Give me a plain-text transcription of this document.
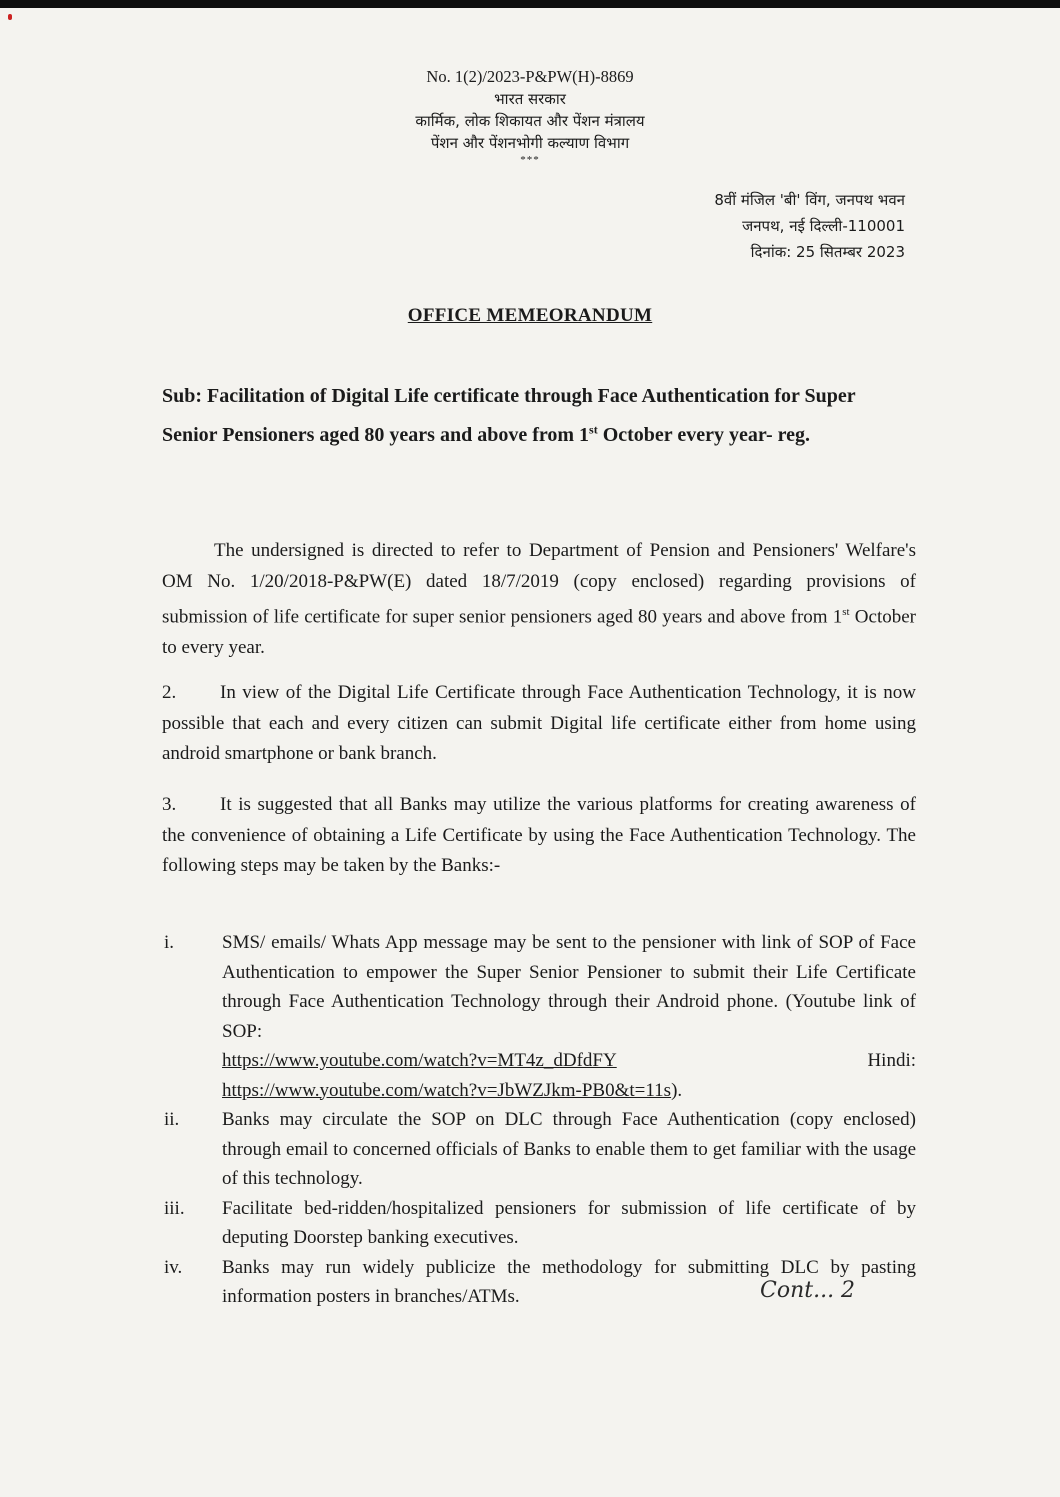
No. 1(2)/2023-P&PW(H)-8869
भारत सरकार
कार्मिक, लोक शिकायत और पेंशन मंत्रालय
पेंशन और पेंशनभोगी कल्याण विभाग
***
8वीं मंजिल 'बी' विंग, जनपथ भवन
जनपथ, नई दिल्ली-110001
दिनांक: 25 सितम्बर 2023
OFFICE MEMEORANDUM
Sub: Facilitation of Digital Life certificate through Face Authentication for Super Senior Pensioners aged 80 years and above from 1st October every year- reg.
The undersigned is directed to refer to Department of Pension and Pensioners' Welfare's OM No. 1/20/2018-P&PW(E) dated 18/7/2019 (copy enclosed) regarding provisions of submission of life certificate for super senior pensioners aged 80 years and above from 1st October to every year.
2. In view of the Digital Life Certificate through Face Authentication Technology, it is now possible that each and every citizen can submit Digital life certificate either from home using android smartphone or bank branch.
3. It is suggested that all Banks may utilize the various platforms for creating awareness of the convenience of obtaining a Life Certificate by using the Face Authentication Technology. The following steps may be taken by the Banks:-
i.	SMS/ emails/ Whats App message may be sent to the pensioner with link of SOP of Face Authentication to empower the Super Senior Pensioner to submit their Life Certificate through Face Authentication Technology through their Android phone. (Youtube link of SOP:
https://www.youtube.com/watch?v=MT4z_dDfdFY	Hindi:

https://www.youtube.com/watch?v=JbWZJkm-PB0&t=11s).
ii. Banks may circulate the SOP on DLC through Face Authentication (copy enclosed) through email to concerned officials of Banks to enable them to get familiar with the usage of this technology.
iii. Facilitate bed-ridden/hospitalized pensioners for submission of life certificate of by deputing Doorstep banking executives.
iv. Banks may run widely publicize the methodology for submitting DLC by pasting information posters in branches/ATMs.	Cont... 2
